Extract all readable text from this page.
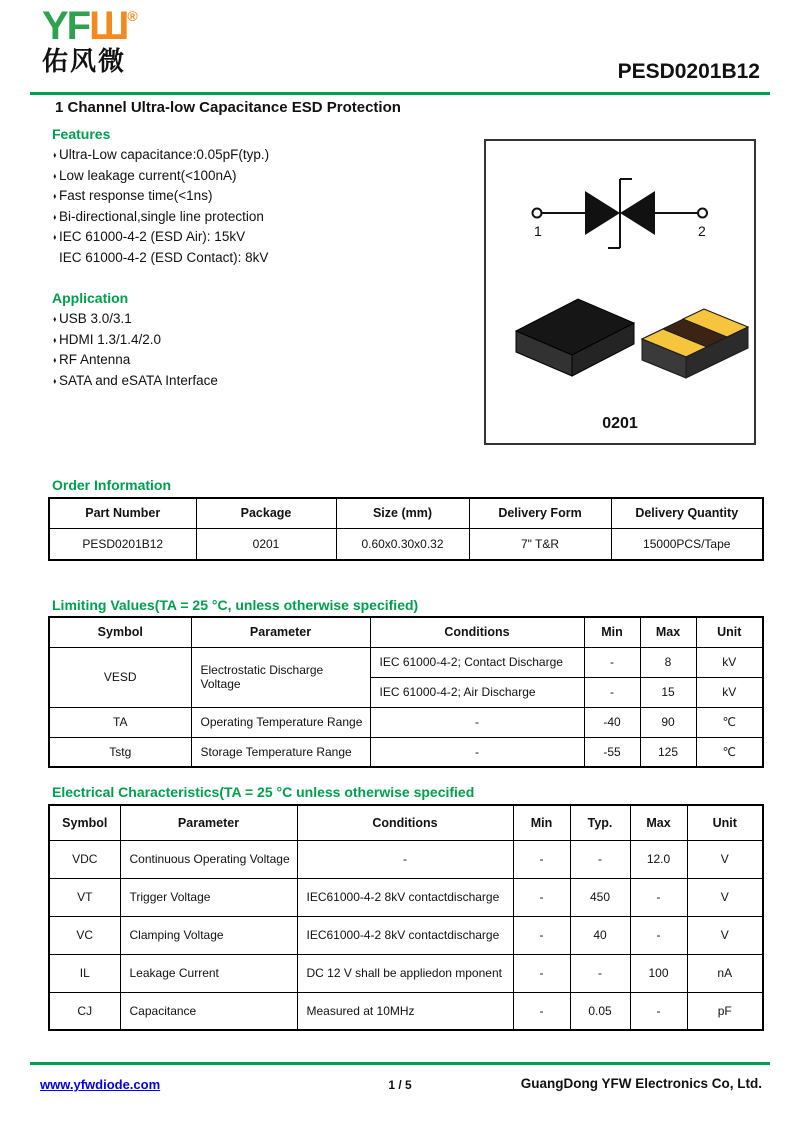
YFШ®
佑风微	PESD0201B12
1 Channel Ultra-low Capacitance ESD Protection
Features
♦ Ultra-Low capacitance:0.05pF(typ.)
♦ Low leakage current(<100nA)
♦ Fast response time(<1ns)
♦ Bi-directional,single line protection
♦ IEC 61000-4-2 (ESD Air): 15kV
IEC 61000-4-2 (ESD Contact): 8kV
Application
♦ USB 3.0/3.1
♦ HDMI 1.3/1.4/2.0
♦ RF Antenna
♦ SATA and eSATA Interface
1	2
0201
Order Information
Part Number	Package	Size (mm)	Delivery Form	Delivery Quantity
PESD0201B12	0201	0.60x0.30x0.32	7" T&R	15000PCS/Tape
Limiting Values(TA = 25 °C, unless otherwise specified)
Symbol	Parameter	Conditions	Min	Max	Unit
VESD	Electrostatic Discharge Voltage	IEC 61000-4-2; Contact Discharge	-	8	kV
		IEC 61000-4-2; Air Discharge	-	15	kV
TA	Operating Temperature Range	-	-40	90	℃
Tstg	Storage Temperature Range	-	-55	125	℃
Electrical Characteristics(TA = 25 °C unless otherwise specified
Symbol	Parameter	Conditions	Min	Typ.	Max	Unit
VDC	Continuous Operating Voltage	-	-	-	12.0	V
VT	Trigger Voltage	IEC61000-4-2 8kV contactdischarge	-	450	-	V
VC	Clamping Voltage	IEC61000-4-2 8kV contactdischarge	-	40	-	V
IL	Leakage Current	DC 12 V shall be appliedon mponent	-	-	100	nA
CJ	Capacitance	Measured at 10MHz	-	0.05	-	pF
www.yfwdiode.com	1 / 5	GuangDong YFW Electronics Co, Ltd.
